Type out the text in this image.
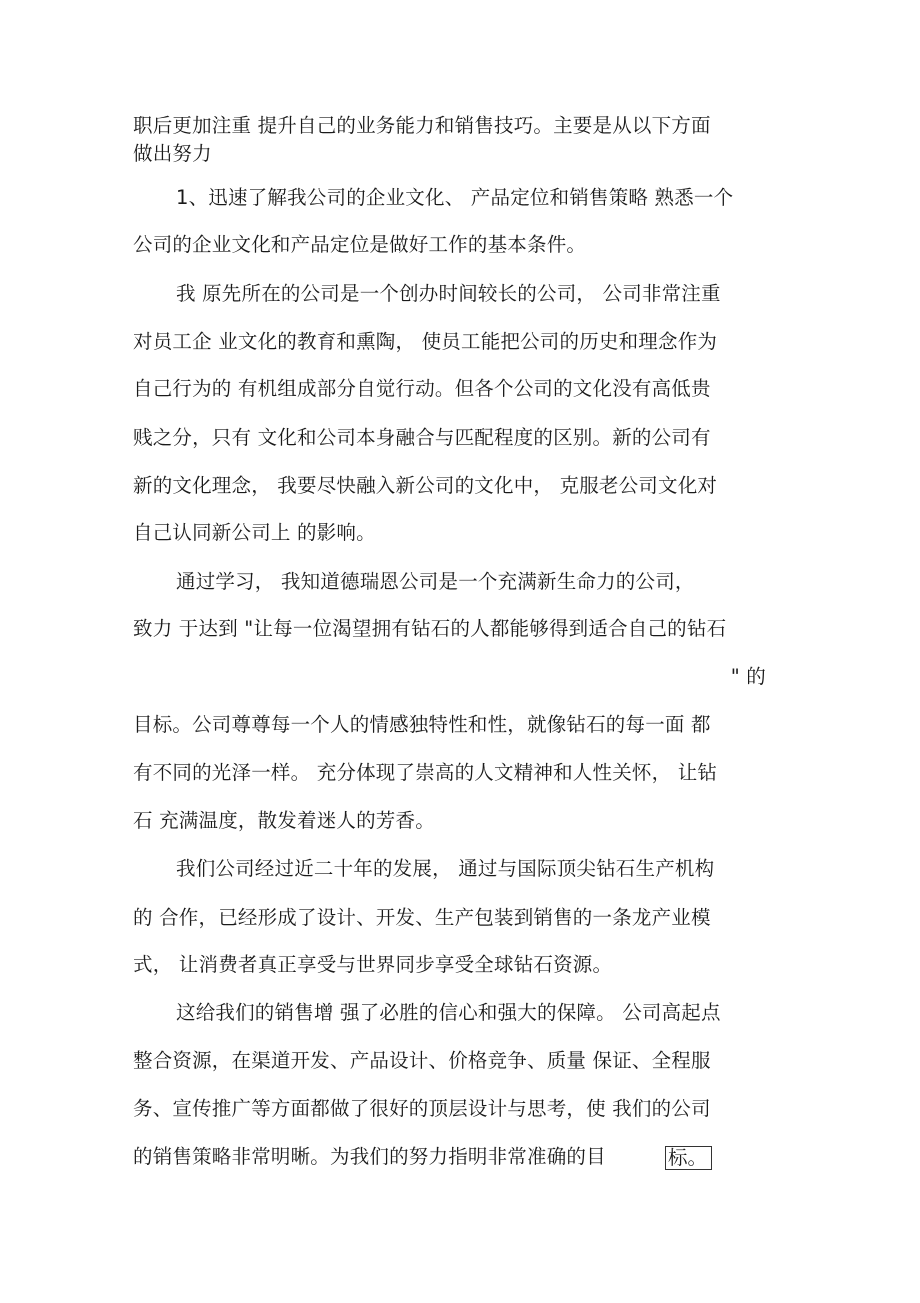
职后更加注重 提升自己的业务能力和销售技巧。主要是从以下方面
做出努力
1、迅速了解我公司的企业文化、 产品定位和销售策略 熟悉一个
公司的企业文化和产品定位是做好工作的基本条件。
我 原先所在的公司是一个创办时间较长的公司， 公司非常注重
对员工企 业文化的教育和熏陶， 使员工能把公司的历史和理念作为
自己行为的 有机组成部分自觉行动。但各个公司的文化没有高低贵
贱之分，只有 文化和公司本身融合与匹配程度的区别。新的公司有
新的文化理念， 我要尽快融入新公司的文化中， 克服老公司文化对
自己认同新公司上 的影响。
通过学习， 我知道德瑞恩公司是一个充满新生命力的公司，
致力 于达到 "让每一位渴望拥有钻石的人都能够得到适合自己的钻石
" 的
目标。公司尊尊每一个人的情感独特性和性，就像钻石的每一面 都
有不同的光泽一样。 充分体现了崇高的人文精神和人性关怀， 让钻
石 充满温度，散发着迷人的芳香。
我们公司经过近二十年的发展， 通过与国际顶尖钻石生产机构
的 合作，已经形成了设计、开发、生产包装到销售的一条龙产业模
式， 让消费者真正享受与世界同步享受全球钻石资源。
这给我们的销售增 强了必胜的信心和强大的保障。 公司高起点
整合资源，在渠道开发、产品设计、价格竞争、质量 保证、全程服
务、宣传推广等方面都做了很好的顶层设计与思考，使 我们的公司
的销售策略非常明晰。为我们的努力指明非常准确的目	标。
